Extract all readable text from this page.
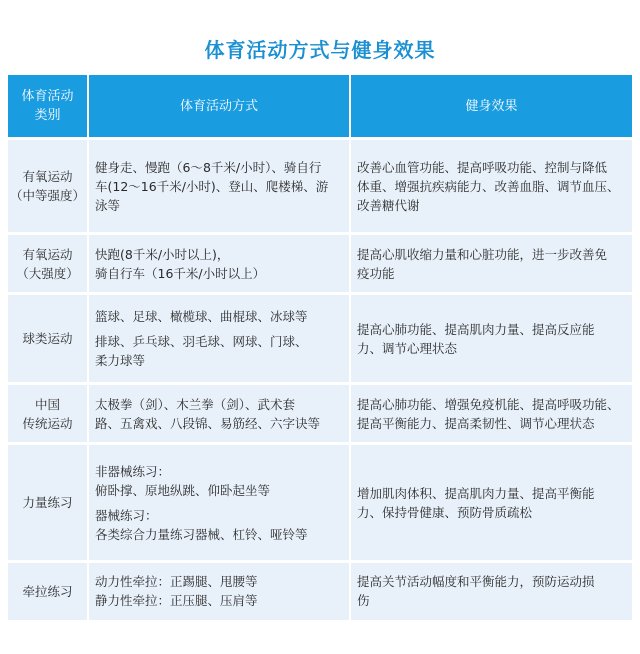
体育活动方式与健身效果
体育活动
类别	体育活动方式	健身效果

有氧运动
（中等强度）	健身走、慢跑（6～8千米/小时）、骑自行
车(12～16千米/小时)、登山、爬楼梯、游
泳等	改善心血管功能、提高呼吸功能、控制与降低
体重、增强抗疾病能力、改善血脂、调节血压、
改善糖代谢

有氧运动
（大强度）	快跑(8千米/小时以上)，
骑自行车（16千米/小时以上）	提高心肌收缩力量和心脏功能，进一步改善免
疫功能

球类运动	篮球、足球、橄榄球、曲棍球、冰球等
排球、乒乓球、羽毛球、网球、门球、
柔力球等	提高心肺功能、提高肌肉力量、提高反应能
力、调节心理状态

中国
传统运动	太极拳（剑）、木兰拳（剑）、武术套
路、五禽戏、八段锦、易筋经、六字诀等	提高心肺功能、增强免疫机能、提高呼吸功能、
提高平衡能力、提高柔韧性、调节心理状态

力量练习	非器械练习：
俯卧撑、原地纵跳、仰卧起坐等
器械练习：
各类综合力量练习器械、杠铃、哑铃等	增加肌肉体积、提高肌肉力量、提高平衡能
力、保持骨健康、预防骨质疏松

牵拉练习	动力性牵拉：正踢腿、甩腰等
静力性牵拉：正压腿、压肩等	提高关节活动幅度和平衡能力，预防运动损
伤
